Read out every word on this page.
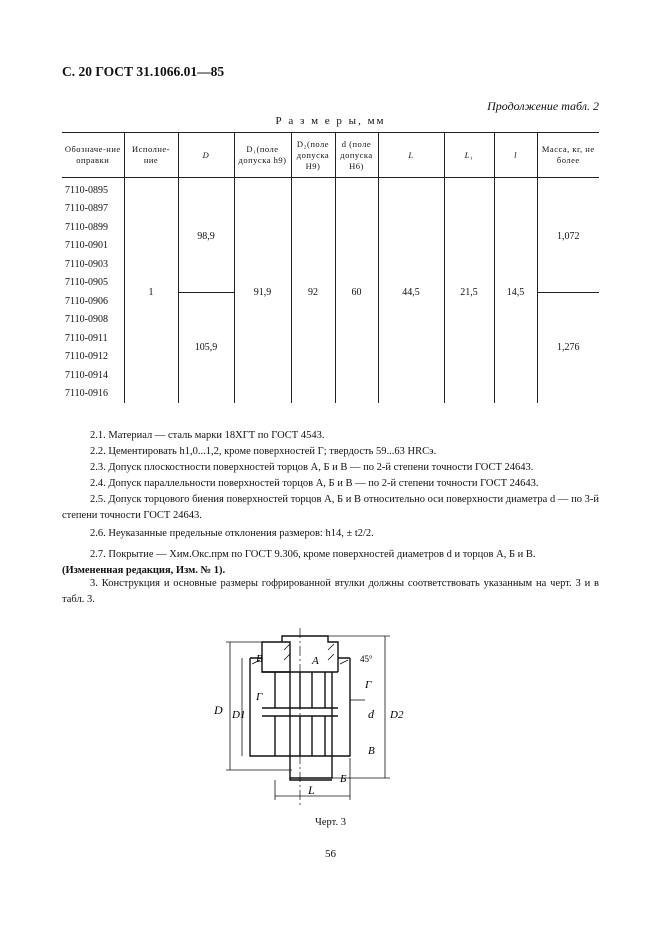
С. 20 ГОСТ 31.1066.01—85
Продолжение табл. 2
Р а з м е р ы, мм
Обозначе-ние оправки	Исполне-ние	D	D₁(поле допуска h9)	D₂(поле допуска H9)	d (поле допуска H6)	L	L₁	l	Масса, кг, не более
7110-0895	1	98,9	91,9	92	60	44,5	21,5	14,5	1,072
7110-0897									
7110-0899									
7110-0901									
7110-0903									
7110-0905									
7110-0906		105,9							1,276
7110-0908									
7110-0911									
7110-0912									
7110-0914									
7110-0916									
2.1. Материал — сталь марки 18ХГТ по ГОСТ 4543.
2.2. Цементировать h1,0...1,2, кроме поверхностей Г; твердость 59...63 HRCэ.
2.3. Допуск плоскостности поверхностей торцов А, Б и В — по 2-й степени точности ГОСТ 24643.
2.4. Допуск параллельности поверхностей торцов А, Б и В — по 2-й степени точности ГОСТ 24643.
2.5. Допуск торцового биения поверхностей торцов А, Б и В относительно оси поверхности диаметра d — по 3-й степени точности ГОСТ 24643.
2.6. Неуказанные предельные отклонения размеров: h14, ± t2/2.
2.7. Покрытие — Хим.Окс.прм по ГОСТ 9.306, кроме поверхностей диаметров d и торцов А, Б и В.
(Измененная редакция, Изм. № 1).
3. Конструкция и основные размеры гофрированной втулки должны соответствовать указанным на черт. 3 и в табл. 3.
D D1	D2
d
L
А
Б
В
В
Г
Г
45°
Черт. 3
56
